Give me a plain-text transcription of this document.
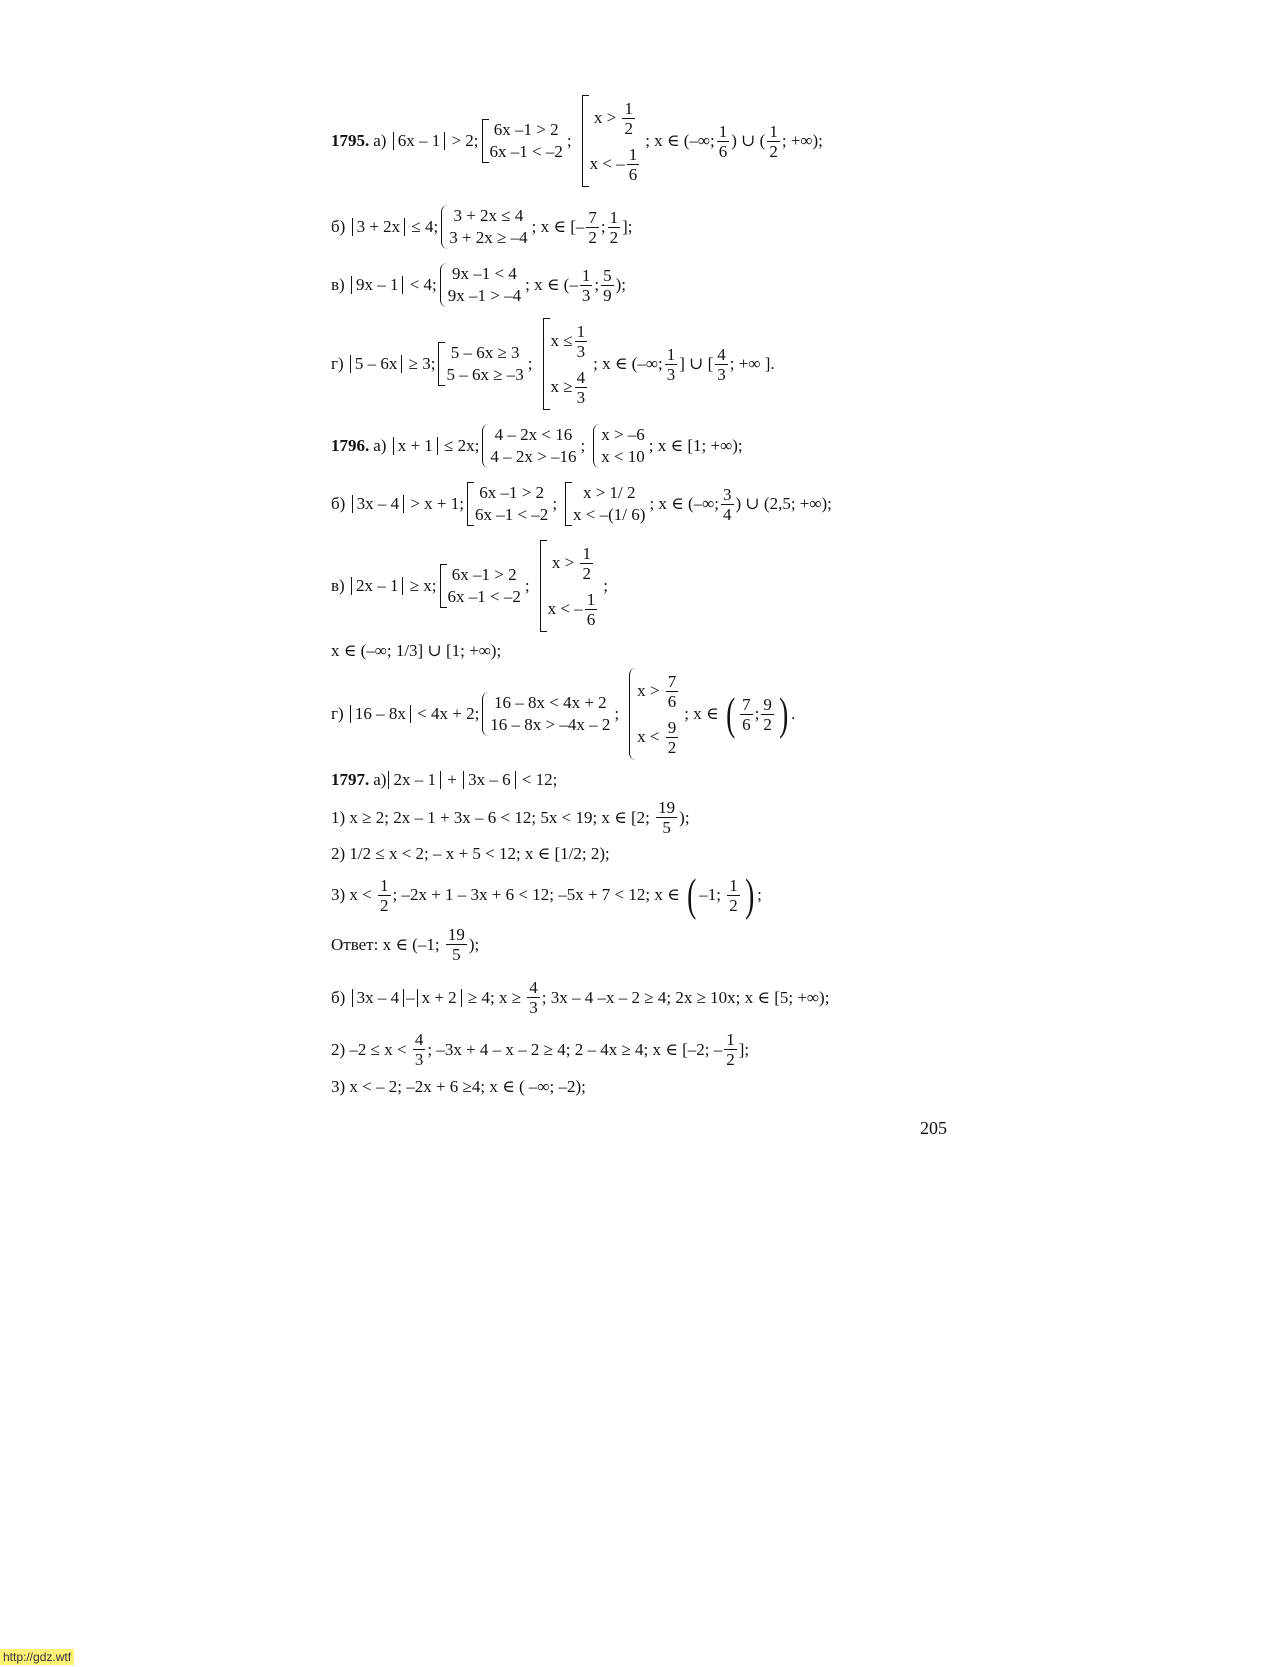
1795. а)
6x – 1
> 2;
6x –1 > 2
6x –1 < –2
;
x >
$\frac{1}{2}$
x < – $\frac{1}{6}$
; x ∈ (–∞; $\frac{1}{6}$ ) ∪ ( $\frac{1}{2}$ ; +∞);
б)
3 + 2x
≤ 4;
3 + 2x ≤ 4
3 + 2x ≥ –4
; x ∈ [– $\frac{7}{2}$ ; $\frac{1}{2}$ ];
в)
9x – 1
< 4;
9x –1 < 4
9x –1 > –4
; x ∈ (– $\frac{1}{3}$ ; $\frac{5}{9}$ );
г)
5 – 6x
≥ 3;
5 – 6x ≥ 3
5 – 6x ≥ –3
;
$x \le \frac{1}{3}$
$x \ge \frac{4}{3}$
; x ∈ (–∞; $\frac{1}{3}$ ] ∪ [ $\frac{4}{3}$ ; +∞ ].
1796. а)
x + 1
≤ 2x;
4 – 2x < 16
4 – 2x > –16
;
x > –6
x < 10
; x ∈ [1; +∞);
б)
3x – 4
> x + 1;
6x –1 > 2
6x –1 < –2
;
x > 1/ 2
x < –(1/ 6)
; x ∈ (–∞; $\frac{3}{4}$ ) ∪ (2,5; +∞);
в)
2x – 1
≥ x;
6x –1 > 2
6x –1 < –2
;
x >
$\frac{1}{2}$
x < – $\frac{1}{6}$
;
x ∈ (–∞; 1/3] ∪ [1; +∞);
г)
16 – 8x
< 4x + 2;
16 – 8x < 4x + 2
16 – 8x > –4x – 2
;
x >
$\frac{7}{6}$
x <
$\frac{9}{2}$
; x ∈
( $\frac{7}{6}$ ; $\frac{9}{2}$ ) .
1797. а) 2x – 1
+
3x – 6
< 12;
1) x ≥ 2; 2x – 1 + 3x – 6 < 12; 5x < 19; x ∈ [2;
$\frac{19}{5}$ );
2) 1/2 ≤ x < 2; – x + 5 < 12; x ∈ [1/2; 2);
3) x <
$\frac{1}{2}$ ; –2x + 1 – 3x + 6 < 12; –5x + 7 < 12; x ∈
( –1;
$\frac{1}{2}$ ) ;
Ответ: x ∈ (–1;
$\frac{19}{5}$ );
б)
3x – 4 – x + 2
≥ 4; x ≥
$\frac{4}{3}$ ; 3x – 4 –x – 2 ≥ 4; 2x ≥ 10x; x ∈ [5; +∞);
2) –2 ≤ x <
$\frac{4}{3}$ ; –3x + 4 – x – 2 ≥ 4; 2 – 4x ≥ 4; x ∈ [–2; – $\frac{1}{2}$ ];
3) x < – 2; –2x + 6 ≥4; x ∈ ( –∞; –2);
205
http://gdz.wtf
